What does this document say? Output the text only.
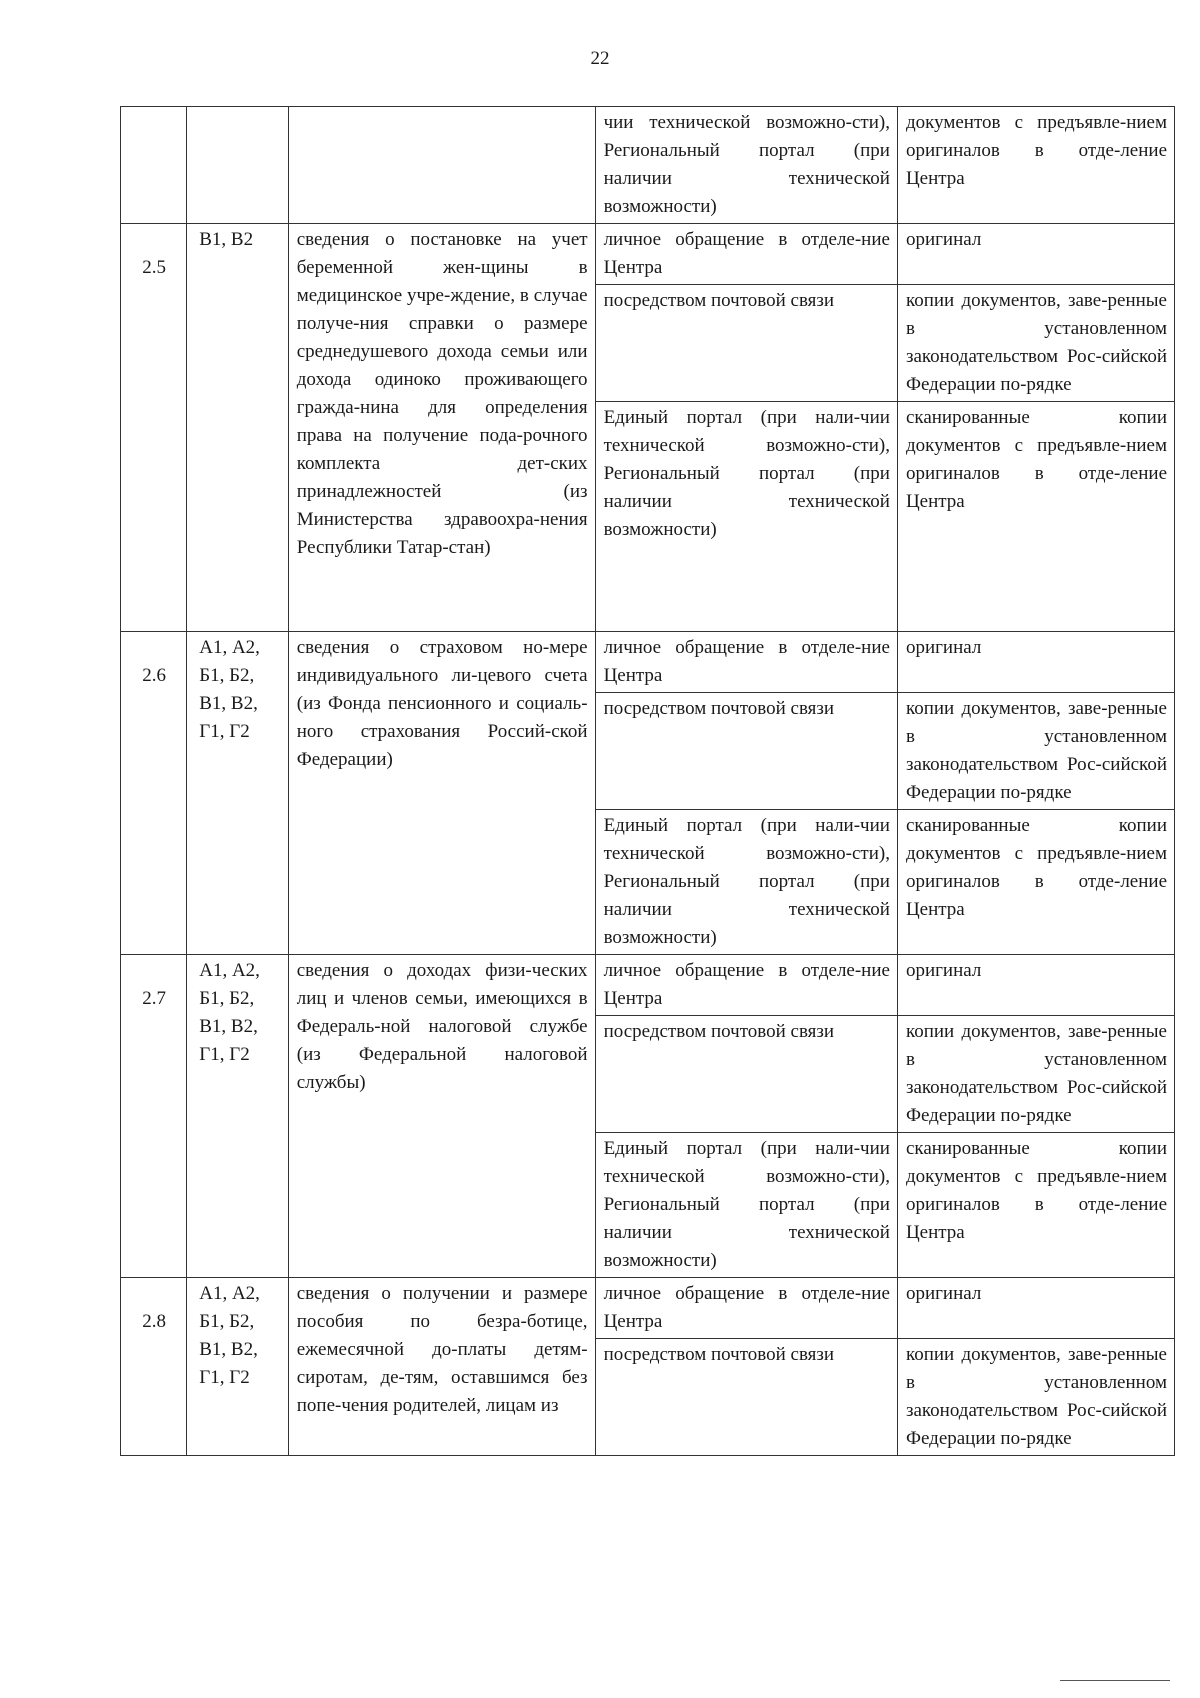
22
			чии технической возможно-сти), Региональный портал (при наличии технической возможности)	документов с предъявле-нием оригиналов в отде-ление Центра
2.5	В1, В2	сведения о постановке на учет беременной жен-щины в медицинское учре-ждение, в случае получе-ния справки о размере среднедушевого дохода семьи или дохода одиноко проживающего гражда-нина для определения права на получение пода-рочного комплекта дет-ских принадлежностей (из Министерства здравоохра-нения Республики Татар-стан)	личное обращение в отделе-ние Центра	оригинал
			посредством почтовой связи	копии документов, заве-ренные в установленном законодательством Рос-сийской Федерации по-рядке
			Единый портал (при нали-чии технической возможно-сти), Региональный портал (при наличии технической возможности)	сканированные копии документов с предъявле-нием оригиналов в отде-ление Центра
2.6	А1, А2, Б1, Б2, В1, В2, Г1, Г2	сведения о страховом но-мере индивидуального ли-цевого счета (из Фонда пенсионного и социаль-ного страхования Россий-ской Федерации)	личное обращение в отделе-ние Центра	оригинал
			посредством почтовой связи	копии документов, заве-ренные в установленном законодательством Рос-сийской Федерации по-рядке
			Единый портал (при нали-чии технической возможно-сти), Региональный портал (при наличии технической возможности)	сканированные копии документов с предъявле-нием оригиналов в отде-ление Центра
2.7	А1, А2, Б1, Б2, В1, В2, Г1, Г2	сведения о доходах физи-ческих лиц и членов семьи, имеющихся в Федераль-ной налоговой службе (из Федеральной налоговой службы)	личное обращение в отделе-ние Центра	оригинал
			посредством почтовой связи	копии документов, заве-ренные в установленном законодательством Рос-сийской Федерации по-рядке
			Единый портал (при нали-чии технической возможно-сти), Региональный портал (при наличии технической возможности)	сканированные копии документов с предъявле-нием оригиналов в отде-ление Центра
2.8	А1, А2, Б1, Б2, В1, В2, Г1, Г2	сведения о получении и размере пособия по безра-ботице, ежемесячной до-платы детям-сиротам, де-тям, оставшимся без попе-чения родителей, лицам из	личное обращение в отделе-ние Центра	оригинал
			посредством почтовой связи	копии документов, заве-ренные в установленном законодательством Рос-сийской Федерации по-рядке
